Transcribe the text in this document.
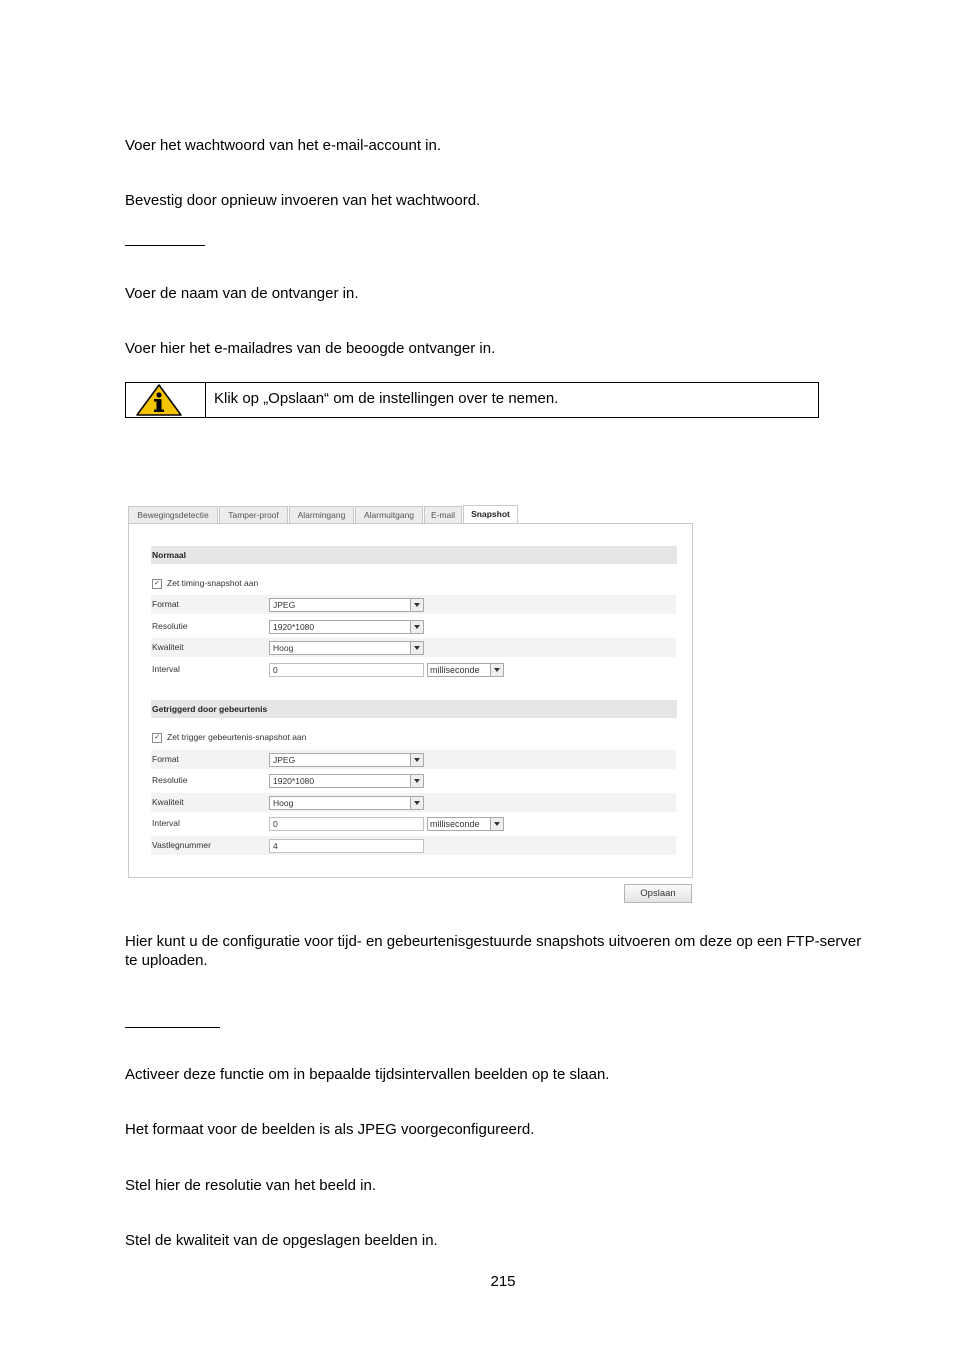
Voer het wachtwoord van het e-mail-account in.
Bevestig door opnieuw invoeren van het wachtwoord.
Voer de naam van de ontvanger in.
Voer hier het e-mailadres van de beoogde ontvanger in.
Klik op „Opslaan“ om de instellingen over te nemen.
Bewegingsdetectie	Tamper-proof	Alarmingang	Alarmuitgang	E-mail	Snapshot
Normaal
✓ Zet timing-snapshot aan
Format	JPEG
Resolutie	1920*1080
Kwaliteit	Hoog
Interval	0	milliseconde
Getriggerd door gebeurtenis
✓ Zet trigger gebeurtenis-snapshot aan
Format	JPEG
Resolutie	1920*1080
Kwaliteit	Hoog
Interval	0	milliseconde
Vastlegnummer	4
Opslaan
Hier kunt u de configuratie voor tijd- en gebeurtenisgestuurde snapshots uitvoeren om deze op een FTP-server te uploaden.
Activeer deze functie om in bepaalde tijdsintervallen beelden op te slaan.
Het formaat voor de beelden is als JPEG voorgeconfigureerd.
Stel hier de resolutie van het beeld in.
Stel de kwaliteit van de opgeslagen beelden in.
215
